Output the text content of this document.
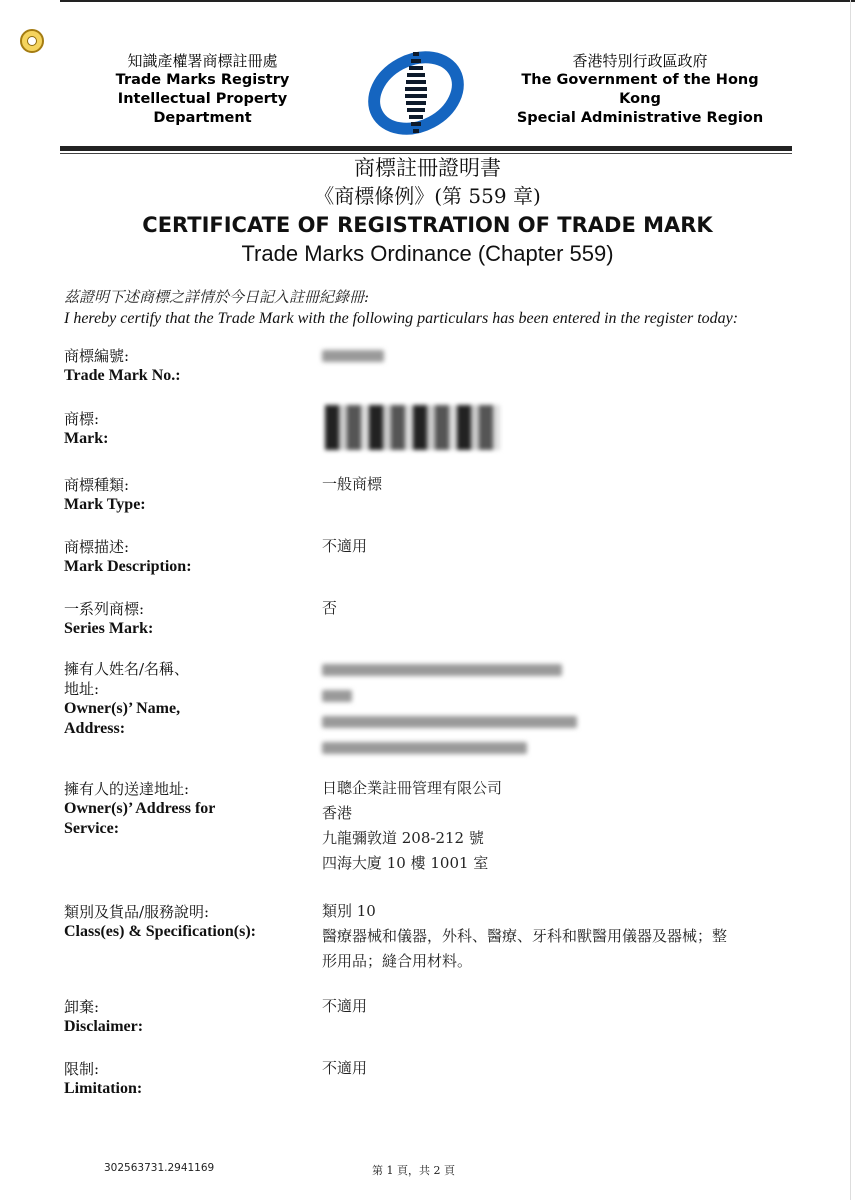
知識產權署商標註冊處
Trade Marks Registry
Intellectual Property Department
香港特別行政區政府
The Government of the Hong Kong
Special Administrative Region
商標註冊證明書
《商標條例》(第 559 章)
CERTIFICATE OF REGISTRATION OF TRADE MARK
Trade Marks Ordinance (Chapter 559)
茲證明下述商標之詳情於今日記入註冊紀錄冊:
I hereby certify that the Trade Mark with the following particulars has been entered in the register today:
商標編號:
Trade Mark No.:
商標:
Mark:
商標種類:
Mark Type:
一般商標
商標描述:
Mark Description:
不適用
一系列商標:
Series Mark:
否
擁有人姓名/名稱、
地址:
Owner(s)’ Name,
Address:

擁有人的送達地址:
Owner(s)’ Address for
Service:
日聰企業註冊管理有限公司
香港
九龍彌敦道 208-212 號
四海大廈 10 樓 1001 室
類別及貨品/服務說明:
Class(es) & Specification(s):
類別 10
醫療器械和儀器，外科、醫療、牙科和獸醫用儀器及器械；整
形用品；縫合用材料。
卸棄:
Disclaimer:
不適用
限制:
Limitation:
不適用
302563731.2941169	第 1 頁，共 2 頁
